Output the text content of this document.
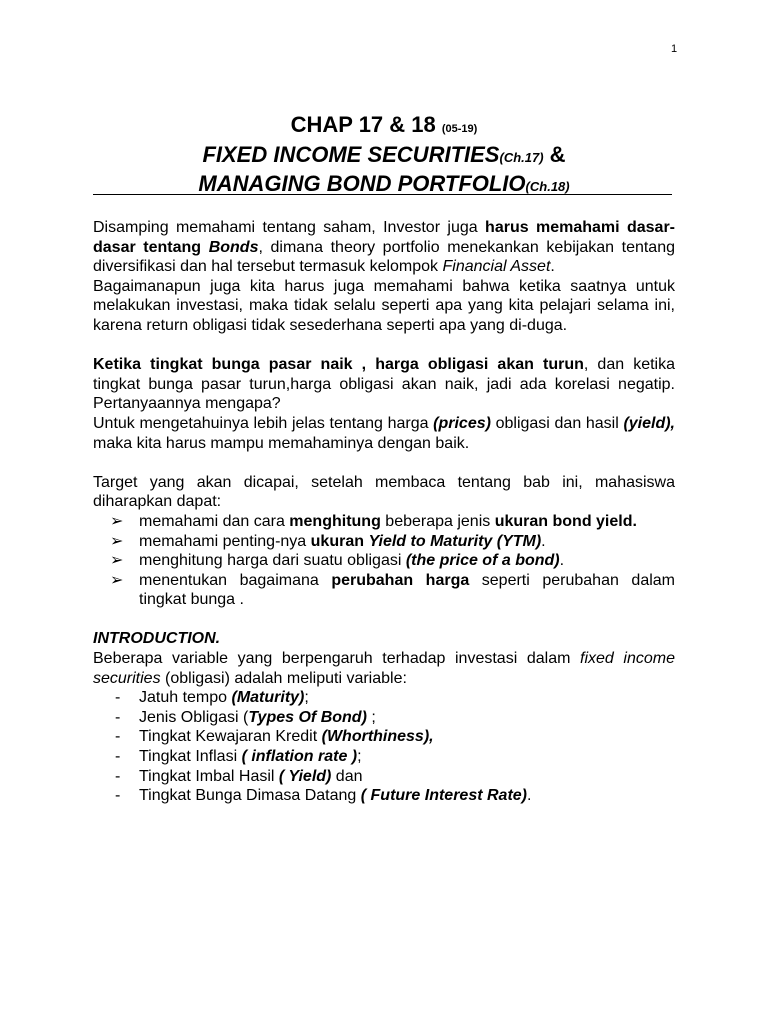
1
CHAP 17 & 18 (05-19)
FIXED INCOME SECURITIES(Ch.17) &
MANAGING BOND PORTFOLIO(Ch.18)

Disamping memahami tentang saham, Investor juga harus memahami dasar-dasar tentang Bonds, dimana theory portfolio menekankan kebijakan tentang diversifikasi dan hal tersebut termasuk kelompok Financial Asset.

Bagaimanapun juga kita harus juga memahami bahwa ketika saatnya untuk melakukan investasi, maka tidak selalu seperti apa yang kita pelajari selama ini, karena return obligasi tidak sesederhana seperti apa yang di-duga.

Ketika tingkat bunga pasar naik , harga obligasi akan turun, dan ketika tingkat bunga pasar turun,harga obligasi akan naik, jadi ada korelasi negatip. Pertanyaannya mengapa?

Untuk mengetahuinya lebih jelas tentang harga (prices) obligasi dan hasil (yield), maka kita harus mampu memahaminya dengan baik.

Target yang akan dicapai, setelah membaca tentang bab ini, mahasiswa diharapkan dapat:

➢ memahami dan cara menghitung beberapa jenis ukuran bond yield.
➢ memahami penting-nya ukuran Yield to Maturity (YTM).
➢ menghitung harga dari suatu obligasi (the price of a bond).
➢ menentukan bagaimana perubahan harga seperti perubahan dalam tingkat bunga .

INTRODUCTION.

Beberapa variable yang berpengaruh terhadap investasi dalam fixed income securities (obligasi) adalah meliputi variable:

- Jatuh tempo (Maturity);
- Jenis Obligasi (Types Of Bond) ;
- Tingkat Kewajaran Kredit (Whorthiness),
- Tingkat Inflasi ( inflation rate );
- Tingkat Imbal Hasil ( Yield) dan
- Tingkat Bunga Dimasa Datang ( Future Interest Rate).
